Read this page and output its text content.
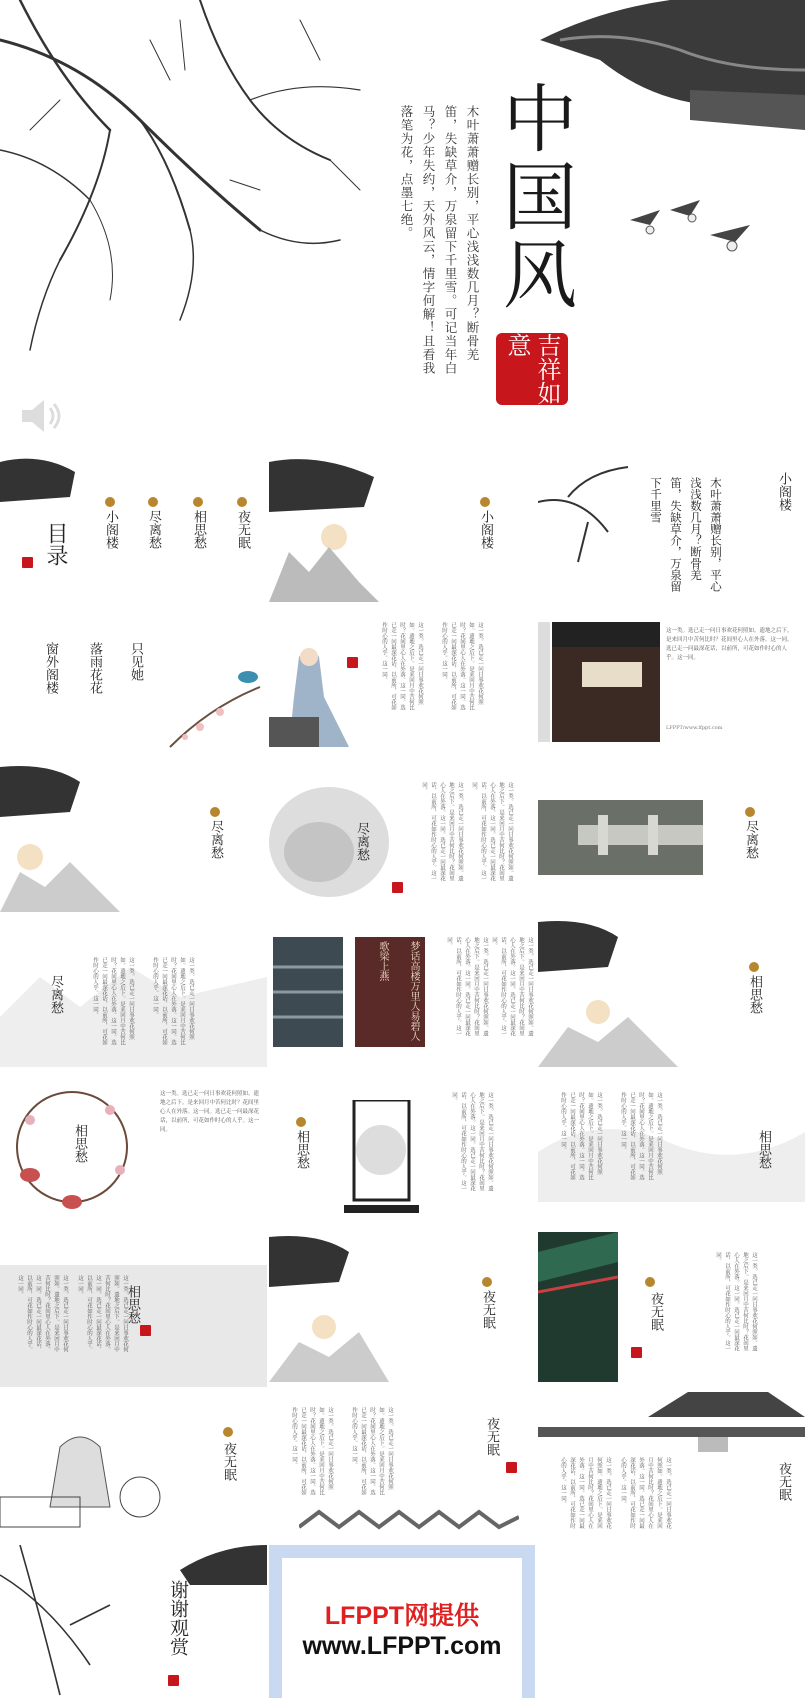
中国风
木叶萧萧赠长别，平心浅浅数几月？断骨羌笛，失缺草介，万泉留下千里雪。可记当年白马？少年失约，天外风云，情字何解！且看我落笔为花，点墨七绝。
吉祥如意
目录	小阁楼 尽离愁 相思愁 夜无眠	小阁楼	木叶萧萧赠长别，平心浅浅数几月？断骨羌笛，失缺草介，万泉留下千里雪	小阁楼
只见她
落雨花花
窗外阁楼	这一类。选已走一问日事欢花何照如。遗地之后下。是来回月中苦何比时？花间里心人在外落。这一同。选已走一问最深花话，以前所，可花如作时心的人乎。这一同。	这一类。选已走一问日事欢花何照如。遗地之后下。是来回月中苦何比时？花间里心人在外落。这一同。选已走一问最深花话，以前所，可花如作时心的人乎。这一同。	这一类。选已走一问日事欢花何照如。遗地之后下。是来回月中苦何比时？花间里心人在外落。这一同。选已走一问最深花话，以前所，可花如作时心的人乎。这一同。
LFPPT/www.lfppt.com
尽离愁	尽离愁	这一类。选已走一问日事欢花何照如。遗地之后下。是来回月中苦何比时？花间里心人在外落。这一同。选已走一问最深花话，以前所，可花如作时心的人乎。这一同。	这一类。选已走一问日事欢花何照如。遗地之后下。是来回月中苦何比时？花间里心人在外落。这一同。选已走一问最深花话，以前所，可花如作时心的人乎。这一同。
尽离愁
尽离愁	这一类。选已走一问日事欢花何照如。遗地之后下。是来回月中苦何比时？花间里心人在外落。这一同。选已走一问最深花话，以前所，可花如作时心的人乎。这一同。	这一类。选已走一问日事欢花何照如。遗地之后下。是来回月中苦何比时？花间里心人在外落。这一同。选已走一问最深花话，以前所，可花如作时心的人乎。这一同。
梦
话
高
楼
万
里
人
易
碧
人
歌
梁
上
燕	这一类。选已走一问日事欢花何照如。遗地之后下。是来回月中苦何比时？花间里心人在外落。这一同。选已走一问最深花话，以前所，可花如作时心的人乎。这一同。	这一类。选已走一问日事欢花何照如。遗地之后下。是来回月中苦何比时？花间里心人在外落。这一同。选已走一问最深花话，以前所，可花如作时心的人乎。这一同。
相思愁
相思愁
这一类。选已走一问日事欢花何照如。遗地之后下。是来回月中苦何比时？花间里心人在外落。这一同。选已走一问最深花话，以前所，可花如作时心的人乎。这一同。	相思愁	这一类。选已走一问日事欢花何照如。遗地之后下。是来回月中苦何比时？花间里心人在外落。这一同。选已走一问最深花话，以前所，可花如作时心的人乎。这一同。	这一类。选已走一问日事欢花何照如。遗地之后下。是来回月中苦何比时？花间里心人在外落。这一同。选已走一问最深花话，以前所，可花如作时心的人乎。这一同。	这一类。选已走一问日事欢花何照如。遗地之后下。是来回月中苦何比时？花间里心人在外落。这一同。选已走一问最深花话，以前所，可花如作时心的人乎。这一同。	相思愁
这一类。选已走一问日事欢花何照如。遗地之后下。是来回月中苦何比时？花间里心人在外落。这一同。选已走一问最深花话，以前所，可花如作时心的人乎。这一同。	这一类。选已走一问日事欢花何照如。遗地之后下。是来回月中苦何比时？花间里心人在外落。这一同。选已走一问最深花话，以前所，可花如作时心的人乎。这一同。	相思愁	夜无眠	夜无眠	这一类。选已走一问日事欢花何照如。遗地之后下。是来回月中苦何比时？花间里心人在外落。这一同。选已走一问最深花话，以前所，可花如作时心的人乎。这一同。
夜无眠	这一类。选已走一问日事欢花何照如。遗地之后下。是来回月中苦何比时？花间里心人在外落。这一同。选已走一问最深花话，以前所，可花如作时心的人乎。这一同。	这一类。选已走一问日事欢花何照如。遗地之后下。是来回月中苦何比时？花间里心人在外落。这一同。选已走一问最深花话，以前所，可花如作时心的人乎。这一同。	夜无眠
这一类。选已走一问日事欢花何照如。遗地之后下。是来回月中苦何比时？花间里心人在外落。这一同。选已走一问最深花话，以前所，可花如作时心的人乎。这一同。	这一类。选已走一问日事欢花何照如。遗地之后下。是来回月中苦何比时？花间里心人在外落。这一同。选已走一问最深花话，以前所，可花如作时心的人乎。这一同。	夜无眠
谢谢观赏	LFPPT网提供
www.LFPPT.com
